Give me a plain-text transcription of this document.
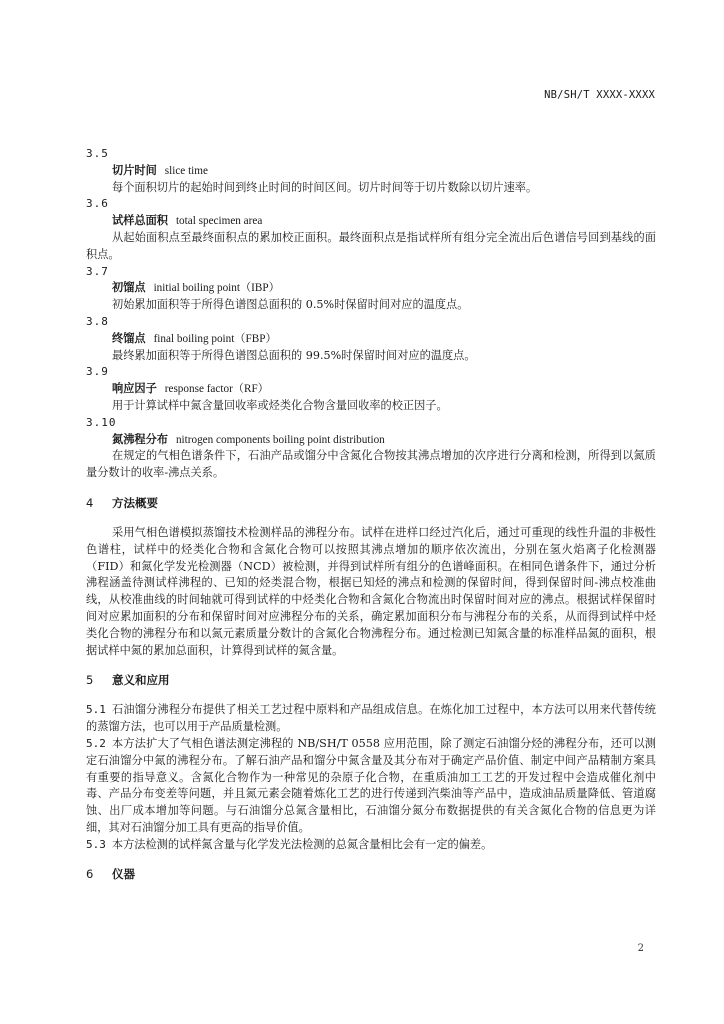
NB/SH/T XXXX-XXXX
3.5
切片时间 slice time
每个面积切片的起始时间到终止时间的时间区间。切片时间等于切片数除以切片速率。
3.6
试样总面积 total specimen area
从起始面积点至最终面积点的累加校正面积。最终面积点是指试样所有组分完全流出后色谱信号回到基线的面积点。
3.7
初馏点 initial boiling point（IBP）
初始累加面积等于所得色谱图总面积的 0.5%时保留时间对应的温度点。
3.8
终馏点 final boiling point（FBP）
最终累加面积等于所得色谱图总面积的 99.5%时保留时间对应的温度点。
3.9
响应因子 response factor（RF）
用于计算试样中氮含量回收率或烃类化合物含量回收率的校正因子。
3.10
氮沸程分布 nitrogen components boiling point distribution
在规定的气相色谱条件下，石油产品或馏分中含氮化合物按其沸点增加的次序进行分离和检测，所得到以氮质量分数计的收率-沸点关系。
4 方法概要
采用气相色谱模拟蒸馏技术检测样品的沸程分布。试样在进样口经过汽化后，通过可重现的线性升温的非极性色谱柱，试样中的烃类化合物和含氮化合物可以按照其沸点增加的顺序依次流出，分别在氢火焰离子化检测器（FID）和氮化学发光检测器（NCD）被检测，并得到试样所有组分的色谱峰面积。在相同色谱条件下，通过分析沸程涵盖待测试样沸程的、已知的烃类混合物，根据已知烃的沸点和检测的保留时间，得到保留时间-沸点校准曲线，从校准曲线的时间轴就可得到试样的中烃类化合物和含氮化合物流出时保留时间对应的沸点。根据试样保留时间对应累加面积的分布和保留时间对应沸程分布的关系，确定累加面积分布与沸程分布的关系，从而得到试样中烃类化合物的沸程分布和以氮元素质量分数计的含氮化合物沸程分布。通过检测已知氮含量的标准样品氮的面积，根据试样中氮的累加总面积，计算得到试样的氮含量。
5 意义和应用
5.1 石油馏分沸程分布提供了相关工艺过程中原料和产品组成信息。在炼化加工过程中，本方法可以用来代替传统的蒸馏方法，也可以用于产品质量检测。
5.2 本方法扩大了气相色谱法测定沸程的 NB/SH/T 0558 应用范围，除了测定石油馏分烃的沸程分布，还可以测定石油馏分中氮的沸程分布。了解石油产品和馏分中氮含量及其分布对于确定产品价值、制定中间产品精制方案具有重要的指导意义。含氮化合物作为一种常见的杂原子化合物，在重质油加工工艺的开发过程中会造成催化剂中毒、产品分布变差等问题，并且氮元素会随着炼化工艺的进行传递到汽柴油等产品中，造成油品质量降低、管道腐蚀、出厂成本增加等问题。与石油馏分总氮含量相比，石油馏分氮分布数据提供的有关含氮化合物的信息更为详细，其对石油馏分加工具有更高的指导价值。
5.3 本方法检测的试样氮含量与化学发光法检测的总氮含量相比会有一定的偏差。
6 仪器
2
